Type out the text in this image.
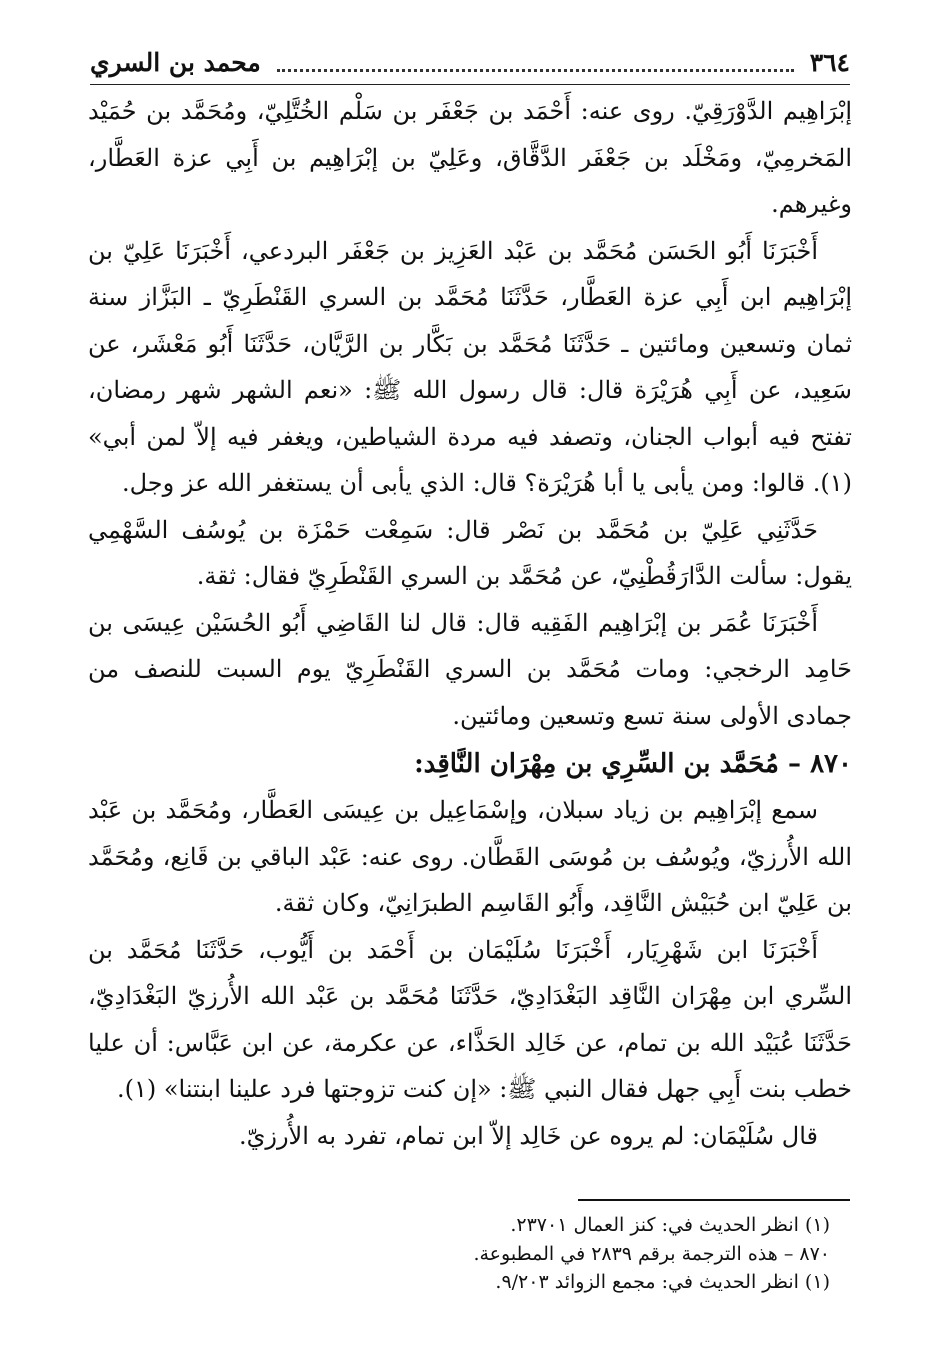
٣٦٤
محمد بن السري

إبْرَاهِيم الدَّوْرَقِيّ. روى عنه: أَحْمَد بن جَعْفَر بن سَلْم الخُتَّلِيّ، ومُحَمَّد بن حُمَيْد المَخرمِيّ، ومَخْلَد بن جَعْفَر الدَّقَّاق، وعَلِيّ بن إبْرَاهِيم بن أَبِي عزة العَطَّار، وغيرهم.

أَخْبَرَنَا أَبُو الحَسَن مُحَمَّد بن عَبْد العَزِيز بن جَعْفَر البردعي، أَخْبَرَنَا عَلِيّ بن إبْرَاهِيم ابن أَبِي عزة العَطَّار، حَدَّثَنَا مُحَمَّد بن السري القَنْطَرِيّ ـ البَزَّاز سنة ثمان وتسعين ومائتين ـ حَدَّثَنَا مُحَمَّد بن بَكَّار بن الرَّيَّان، حَدَّثَنَا أَبُو مَعْشَر، عن سَعِيد، عن أَبِي هُرَيْرَة قال: قال رسول الله ﷺ: «نعم الشهر شهر رمضان، تفتح فيه أبواب الجنان، وتصفد فيه مردة الشياطين، ويغفر فيه إلاّ لمن أبي» (١). قالوا: ومن يأبى يا أبا هُرَيْرَة؟ قال: الذي يأبى أن يستغفر الله عز وجل.

حَدَّثَنِي عَلِيّ بن مُحَمَّد بن نَصْر قال: سَمِعْت حَمْزَة بن يُوسُف السَّهْمِي يقول: سألت الدَّارَقُطْنِيّ، عن مُحَمَّد بن السري القَنْطَرِيّ فقال: ثقة.

أَخْبَرَنَا عُمَر بن إبْرَاهِيم الفَقِيه قال: قال لنا القَاضِي أَبُو الحُسَيْن عِيسَى بن حَامِد الرخجي: ومات مُحَمَّد بن السري القَنْطَرِيّ يوم السبت للنصف من جمادى الأولى سنة تسع وتسعين ومائتين.

٨٧٠ – مُحَمَّد بن السِّرِي بن مِهْرَان النَّاقِد:

سمع إبْرَاهِيم بن زياد سبلان، وإسْمَاعِيل بن عِيسَى العَطَّار، ومُحَمَّد بن عَبْد الله الأُرزيّ، ويُوسُف بن مُوسَى القَطَّان. روى عنه: عَبْد الباقي بن قَانِع، ومُحَمَّد بن عَلِيّ ابن حُبَيْش النَّاقِد، وأَبُو القَاسِم الطبرَانِيّ، وكان ثقة.

أَخْبَرَنَا ابن شَهْرِيَار، أَخْبَرَنَا سُلَيْمَان بن أَحْمَد بن أَيُّوب، حَدَّثَنَا مُحَمَّد بن السِّري ابن مِهْرَان النَّاقِد البَغْدَادِيّ، حَدَّثَنَا مُحَمَّد بن عَبْد الله الأُرزيّ البَغْدَادِيّ، حَدَّثَنَا عُبَيْد الله بن تمام، عن خَالِد الحَذَّاء، عن عكرمة، عن ابن عَبَّاس: أن عليا خطب بنت أَبِي جهل فقال النبي ﷺ: «إن كنت تزوجتها فرد علينا ابنتنا» (١).

قال سُلَيْمَان: لم يروه عن خَالِد إلاّ ابن تمام، تفرد به الأُرزيّ.

(١) انظر الحديث في: كنز العمال ٢٣٧٠١.

٨٧٠ – هذه الترجمة برقم ٢٨٣٩ في المطبوعة.

(١) انظر الحديث في: مجمع الزوائد ٩/٢٠٣.
